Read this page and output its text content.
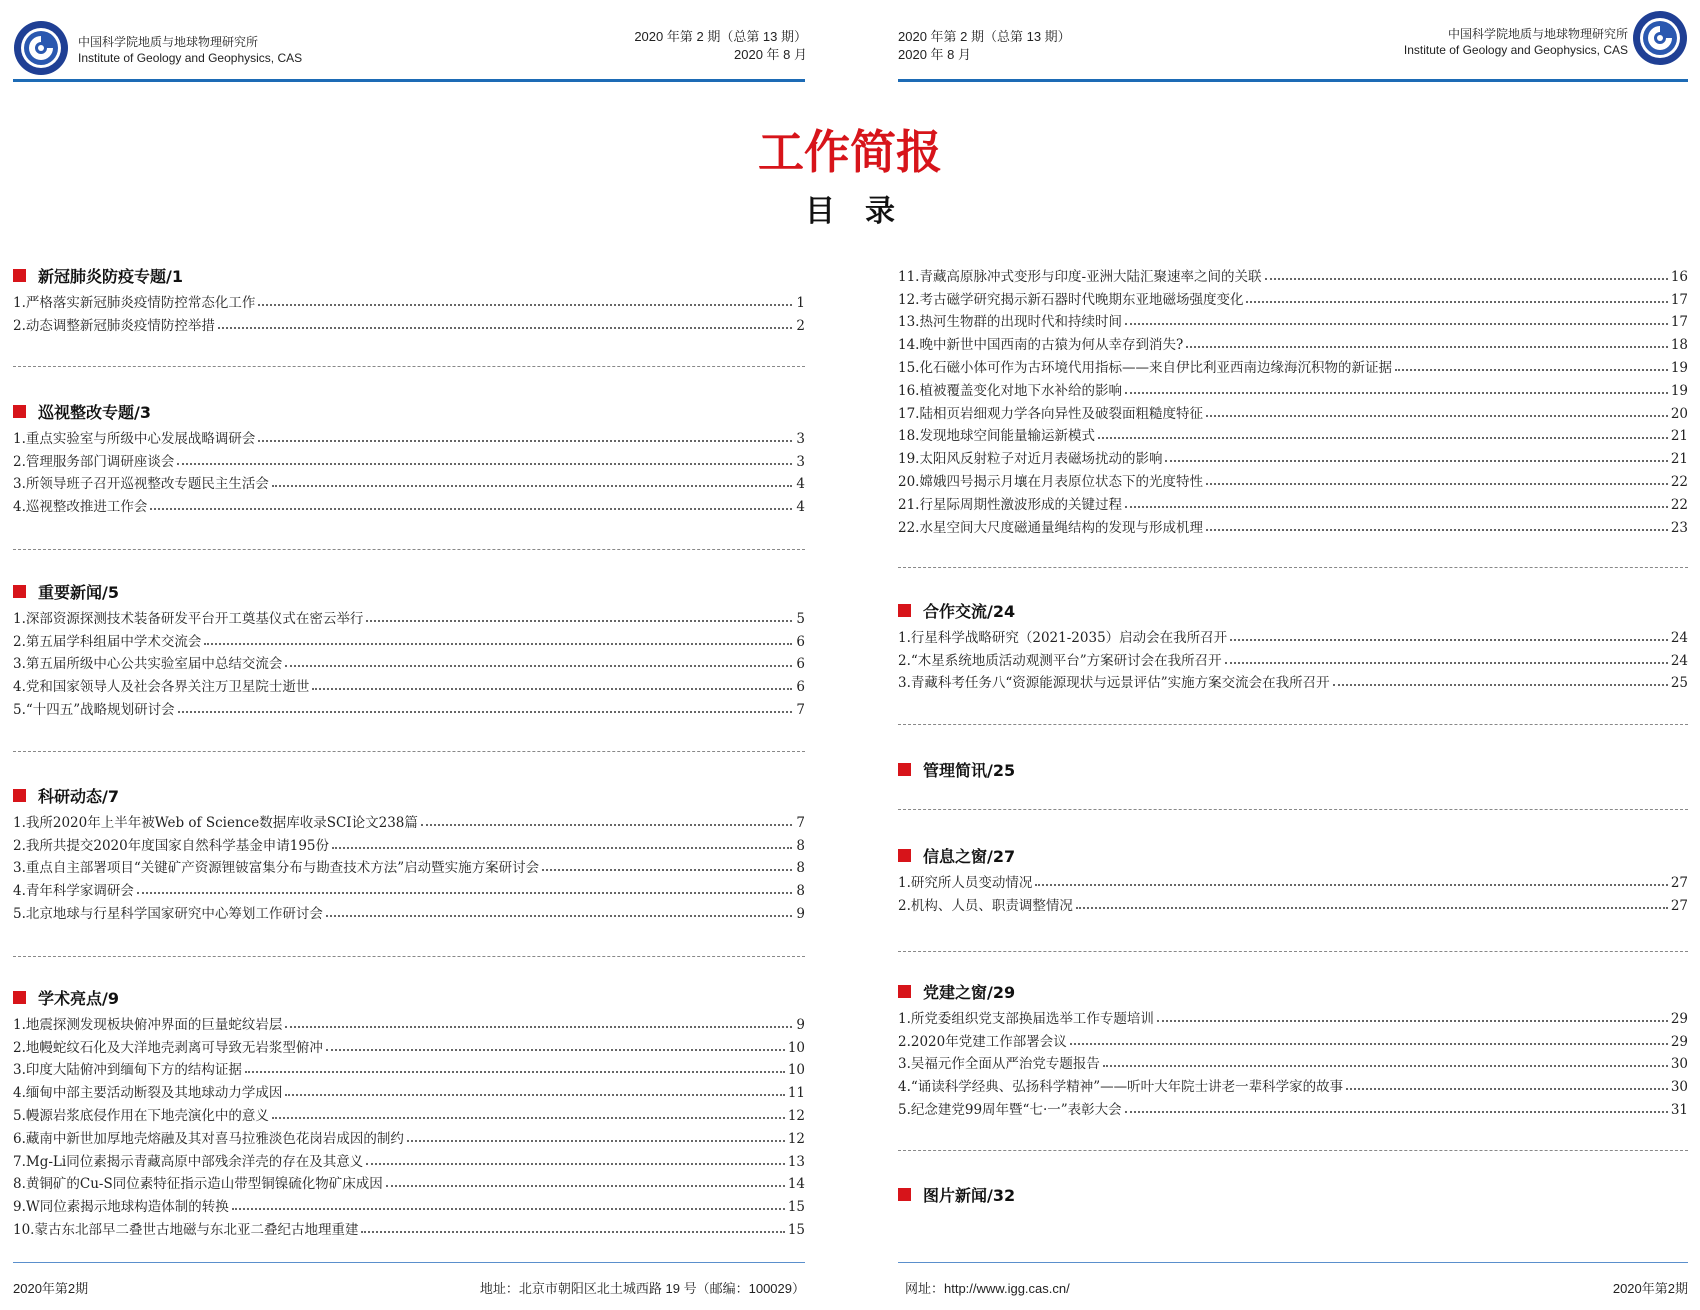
中国科学院地质与地球物理研究所
Institute of Geology and Geophysics, CAS
2020 年第 2 期（总第 13 期）
2020 年 8 月
2020 年第 2 期（总第 13 期）
2020 年 8 月
中国科学院地质与地球物理研究所
Institute of Geology and Geophysics, CAS
工作简报
目　录
新冠肺炎防疫专题/1
1.严格落实新冠肺炎疫情防控常态化工作	1
2.动态调整新冠肺炎疫情防控举措	2
巡视整改专题/3
1.重点实验室与所级中心发展战略调研会	3
2.管理服务部门调研座谈会	3
3.所领导班子召开巡视整改专题民主生活会	4
4.巡视整改推进工作会	4
重要新闻/5
1.深部资源探测技术装备研发平台开工奠基仪式在密云举行	5
2.第五届学科组届中学术交流会	6
3.第五届所级中心公共实验室届中总结交流会	6
4.党和国家领导人及社会各界关注万卫星院士逝世	6
5.“十四五”战略规划研讨会	7
科研动态/7
1.我所2020年上半年被Web of Science数据库收录SCI论文238篇	7
2.我所共提交2020年度国家自然科学基金申请195份	8
3.重点自主部署项目“关键矿产资源锂铍富集分布与勘查技术方法”启动暨实施方案研讨会	8
4.青年科学家调研会	8
5.北京地球与行星科学国家研究中心筹划工作研讨会	9
学术亮点/9
1.地震探测发现板块俯冲界面的巨量蛇纹岩层	9
2.地幔蛇纹石化及大洋地壳剥离可导致无岩浆型俯冲	10
3.印度大陆俯冲到缅甸下方的结构证据	10
4.缅甸中部主要活动断裂及其地球动力学成因	11
5.幔源岩浆底侵作用在下地壳演化中的意义	12
6.藏南中新世加厚地壳熔融及其对喜马拉雅淡色花岗岩成因的制约	12
7.Mg-Li同位素揭示青藏高原中部残余洋壳的存在及其意义	13
8.黄铜矿的Cu-S同位素特征指示造山带型铜镍硫化物矿床成因	14
9.W同位素揭示地球构造体制的转换	15
10.蒙古东北部早二叠世古地磁与东北亚二叠纪古地理重建	15
11.青藏高原脉冲式变形与印度-亚洲大陆汇聚速率之间的关联	16
12.考古磁学研究揭示新石器时代晚期东亚地磁场强度变化	17
13.热河生物群的出现时代和持续时间	17
14.晚中新世中国西南的古猿为何从幸存到消失?	18
15.化石磁小体可作为古环境代用指标——来自伊比利亚西南边缘海沉积物的新证据	19
16.植被覆盖变化对地下水补给的影响	19
17.陆相页岩细观力学各向异性及破裂面粗糙度特征	20
18.发现地球空间能量输运新模式	21
19.太阳风反射粒子对近月表磁场扰动的影响	21
20.嫦娥四号揭示月壤在月表原位状态下的光度特性	22
21.行星际周期性激波形成的关键过程	22
22.水星空间大尺度磁通量绳结构的发现与形成机理	23
合作交流/24
1.行星科学战略研究（2021-2035）启动会在我所召开	24
2.“木星系统地质活动观测平台”方案研讨会在我所召开	24
3.青藏科考任务八“资源能源现状与远景评估”实施方案交流会在我所召开	25
管理简讯/25
信息之窗/27
1.研究所人员变动情况	27
2.机构、人员、职责调整情况	27
党建之窗/29
1.所党委组织党支部换届选举工作专题培训	29
2.2020年党建工作部署会议	29
3.吴福元作全面从严治党专题报告	30
4.“诵读科学经典、弘扬科学精神”——听叶大年院士讲老一辈科学家的故事	30
5.纪念建党99周年暨“七·一”表彰大会	31
图片新闻/32
2020年第2期	地址：北京市朝阳区北土城西路 19 号（邮编：100029）	网址：http://www.igg.cas.cn/	2020年第2期
